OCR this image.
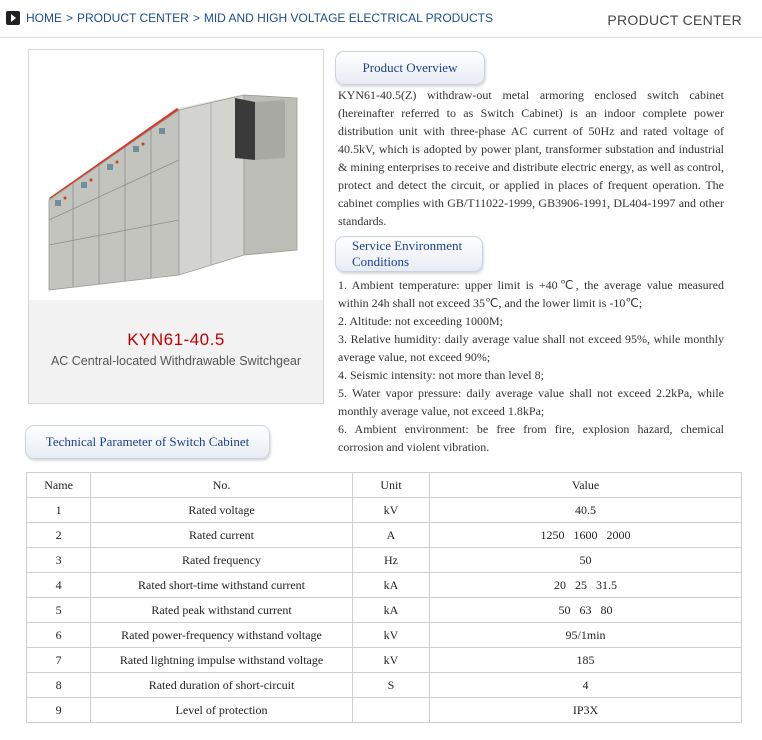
HOME > PRODUCT CENTER > MID AND HIGH VOLTAGE ELECTRICAL PRODUCTS	PRODUCT CENTER
KYN61-40.5
AC Central-located Withdrawable Switchgear
Product Overview
KYN61-40.5(Z) withdraw-out metal armoring enclosed switch cabinet (hereinafter referred to as Switch Cabinet) is an indoor complete power distribution unit with three-phase AC current of 50Hz and rated voltage of 40.5kV, which is adopted by power plant, transformer substation and industrial & mining enterprises to receive and distribute electric energy, as well as control, protect and detect the circuit, or applied in places of frequent operation. The cabinet complies with GB/T11022-1999, GB3906-1991, DL404-1997 and other standards.
Service Environment
Conditions
1. Ambient temperature: upper limit is +40℃, the average value measured within 24h shall not exceed 35℃, and the lower limit is -10℃;
2. Altitude: not exceeding 1000M;
3. Relative humidity: daily average value shall not exceed 95%, while monthly average value, not exceed 90%;
4. Seismic intensity: not more than level 8;
5. Water vapor pressure: daily average value shall not exceed 2.2kPa, while monthly average value, not exceed 1.8kPa;
6. Ambient environment: be free from fire, explosion hazard, chemical corrosion and violent vibration.
Technical Parameter of Switch Cabinet
Name	No.	Unit	Value
1	Rated voltage	kV	40.5
2	Rated current	A	1250   1600   2000
3	Rated frequency	Hz	50
4	Rated short-time withstand current	kA	20   25   31.5
5	Rated peak withstand current	kA	50   63   80
6	Rated power-frequency withstand voltage	kV	95/1min
7	Rated lightning impulse withstand voltage	kV	185
8	Rated duration of short-circuit	S	4
9	Level of protection		IP3X
